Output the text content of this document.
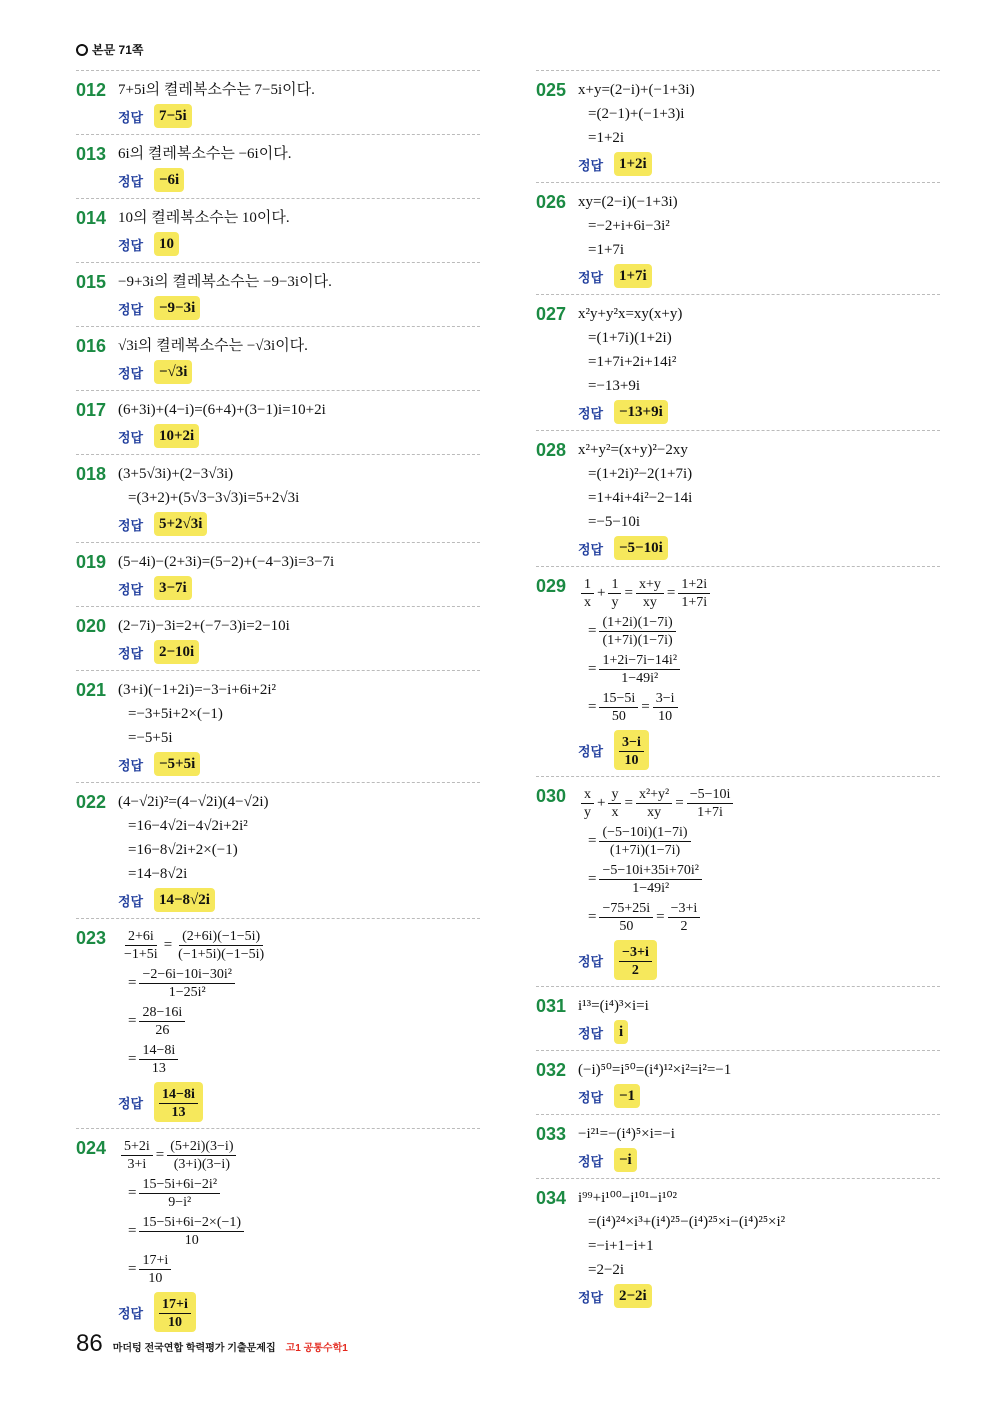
본문 71쪽
012 7+5i의 켤레복소수는 7−5i이다.
정답	7−5i
013 6i의 켤레복소수는 −6i이다.
정답	−6i
014 10의 켤레복소수는 10이다.
정답	10
015 −9+3i의 켤레복소수는 −9−3i이다.
정답	−9−3i
016 √3i의 켤레복소수는 −√3i이다.
정답	−√3i
017 (6+3i)+(4−i)=(6+4)+(3−1)i=10+2i
정답	10+2i
018 (3+5√3i)+(2−3√3i)
=(3+2)+(5√3−3√3)i=5+2√3i
정답	5+2√3i
019 (5−4i)−(2+3i)=(5−2)+(−4−3)i=3−7i
정답	3−7i
020 (2−7i)−3i=2+(−7−3)i=2−10i
정답	2−10i
021 (3+i)(−1+2i)=−3−i+6i+2i²
=−3+5i+2×(−1)
=−5+5i
정답	−5+5i
022 (4−√2i)²=(4−√2i)(4−√2i)
=16−4√2i−4√2i+2i²
=16−8√2i+2×(−1)
=14−8√2i
정답	14−8√2i
023	$\frac{2+6i}{-1+5i} = \frac{(2+6i)(-1-5i)}{(-1+5i)(-1-5i)}$
= $\frac{\text{−2−6i−10i−30i²}}{\text{1−25i²}}$
= $\frac{28-16i}{26}$
= $\frac{14-8i}{13}$
정답	$\frac{14-8i}{13}$
024	$\frac{5+2i}{3+i} = \frac{(5+2i)(3-i)}{(3+i)(3-i)}$
= $\frac{\text{15−5i+6i−2i²}}{\text{9−i²}}$
= $\frac{15-5i+6i-2\times(-1)}{10}$
= $\frac{17+i}{10}$
정답	$\frac{17+i}{10}$
025 x+y=(2−i)+(−1+3i)
=(2−1)+(−1+3)i
=1+2i
정답	1+2i
026 xy=(2−i)(−1+3i)
=−2+i+6i−3i²
=1+7i
정답	1+7i
027 x²y+y²x=xy(x+y)
=(1+7i)(1+2i)
=1+7i+2i+14i²
=−13+9i
정답	−13+9i
028 x²+y²=(x+y)²−2xy
=(1+2i)²−2(1+7i)
=1+4i+4i²−2−14i
=−5−10i
정답	−5−10i
029	$\frac{1}{x} + \frac{1}{y} = \frac{x+y}{xy} = \frac{1+2i}{1+7i}$
= $\frac{(1+2i)(1-7i)}{(1+7i)(1-7i)}$
= $\frac{\text{1+2i−7i−14i²}}{\text{1−49i²}}$
= $\frac{15-5i}{50} = \frac{3-i}{10}$
정답	$\frac{3-i}{10}$
030	$\frac{x}{y} + \frac{y}{x} = \frac{\text{x²+y²}}{xy} = \frac{-5-10i}{1+7i}$
= $\frac{(-5-10i)(1-7i)}{(1+7i)(1-7i)}$
= $\frac{\text{−5−10i+35i+70i²}}{\text{1−49i²}}$
= $\frac{-75+25i}{50} = \frac{-3+i}{2}$
정답	$\frac{-3+i}{2}$
031 i¹³=(i⁴)³×i=i
정답	i
032 (−i)⁵⁰=i⁵⁰=(i⁴)¹²×i²=i²=−1
정답	−1
033 −i²¹=−(i⁴)⁵×i=−i
정답	−i
034 i⁹⁹+i¹⁰⁰−i¹⁰¹−i¹⁰²
=(i⁴)²⁴×i³+(i⁴)²⁵−(i⁴)²⁵×i−(i⁴)²⁵×i²
=−i+1−i+1
=2−2i
정답	2−2i
86 마더텅 전국연합 학력평가 기출문제집 고1 공통수학1
